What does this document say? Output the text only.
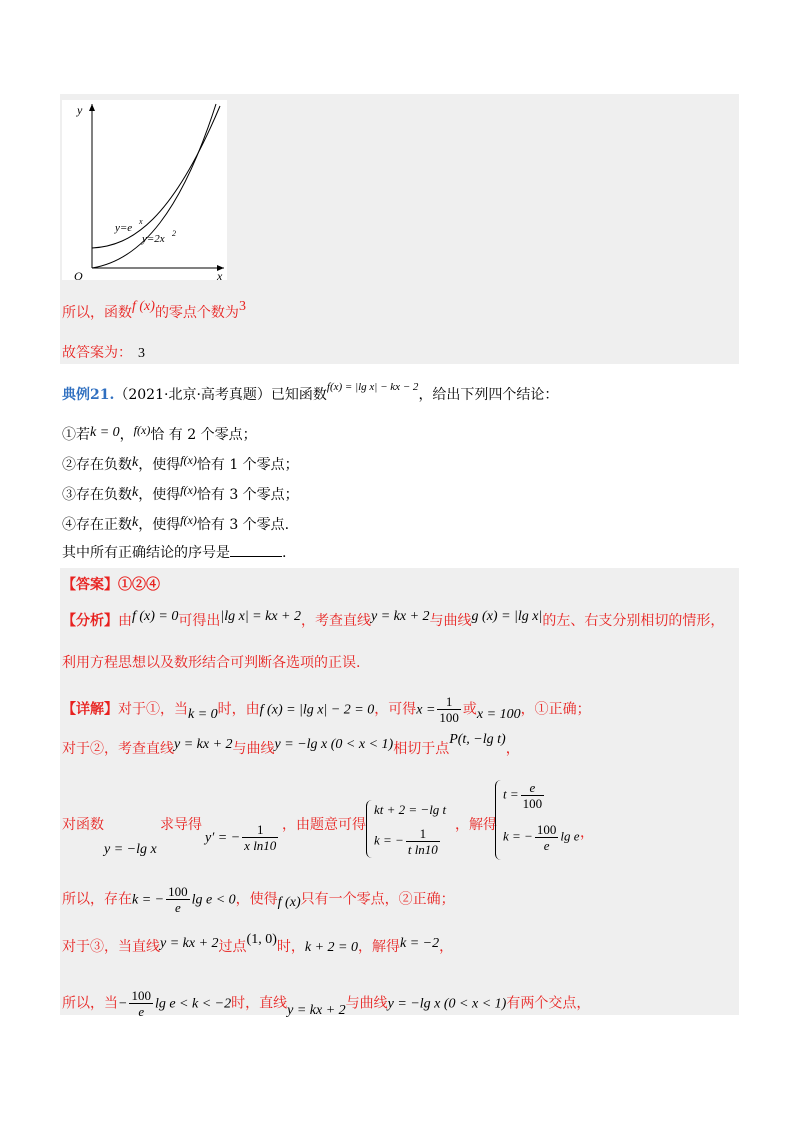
y
x
O
y=e
x
y=2x 2
所以，函数f (x)的零点个数为3
故答案为： 3
典例21.（2021·北京·高考真题）已知函数$^{f(x) = |lg x| - kx - 2}$，给出下列四个结论：
①若k = 0，f(x)恰 有 2 个零点；
②存在负数k，使得f(x)恰有 1 个零点；
③存在负数k，使得f(x)恰有 3 个零点；
④存在正数k，使得f(x)恰有 3 个零点.
其中所有正确结论的序号是	.
【答案】①②④
【分析】由f (x) = 0可得出|lg x| = kx + 2，考查直线y = kx + 2与曲线g (x) = |lg x|的左、右支分别相切的情形，
利用方程思想以及数形结合可判断各选项的正误.
【详解】对于①，当k = 0时，由f (x) = |lg x| − 2 = 0，可得$x = \frac{1}{100}$ 或x = 100，①正确；
对于②，考查直线y = kx + 2与曲线y = −lg x (0 < x < 1)相切于点P(t, −lg t)，
对函数
y = −lg x
求导得
y′ = − $\frac{1}{\text{x ln10}}$ ，由题意可得
kt + 2 = −lg t
k = − $\frac{1}{\text{t ln10}}$
，解得
$t = \frac{e}{100}$
k = − $\frac{100}{e}$ lg e ，
所以，存在k = − $\frac{100}{e}$ lg e < 0，使得f (x)只有一个零点，②正确；
对于③，当直线y = kx + 2过点(1, 0)时，k + 2 = 0，解得k = −2，
所以，当− $\frac{100}{e}$ lg e < k < −2时，直线y = kx + 2与曲线y = −lg x (0 < x < 1)有两个交点，
